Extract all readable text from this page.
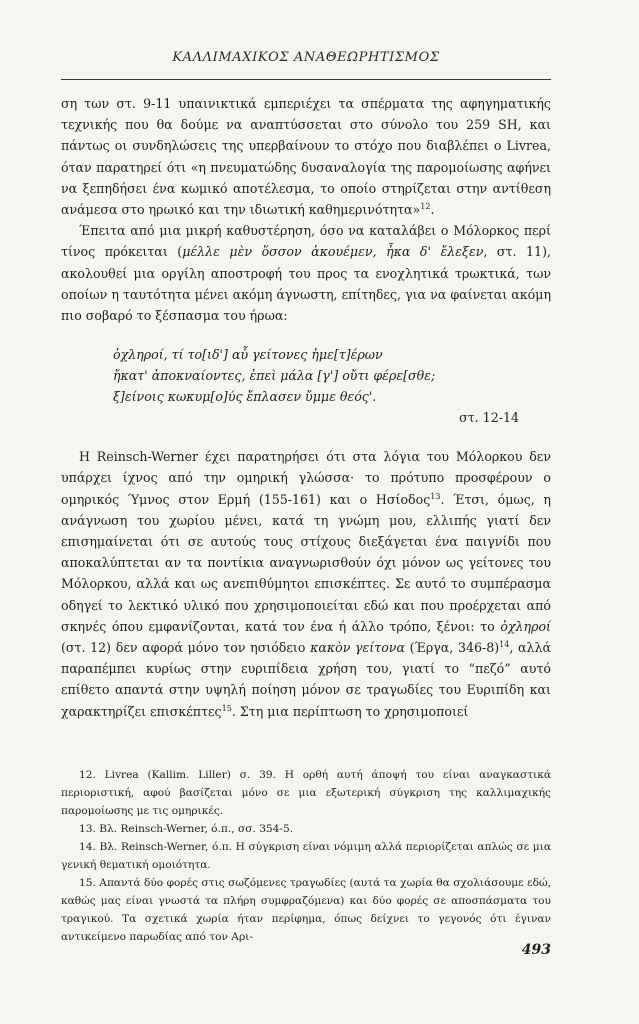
ΚΑΛΛΙΜΑΧΙΚΟΣ ΑΝΑΘΕΩΡΗΤΙΣΜΟΣ

ση των στ. 9-11 υπαινικτικά εμπεριέχει τα σπέρματα της αφηγηματικής τεχνικής που θα δούμε να αναπτύσσεται στο σύνολο του 259 SH, και πάντως οι συνδηλώσεις της υπερβαίνουν το στόχο που διαβλέπει ο Livrea, όταν παρατηρεί ότι «η πνευματώδης δυσαναλογία της παρομοίωσης αφήνει να ξεπηδήσει ένα κωμικό αποτέλεσμα, το οποίο στηρίζεται στην αντίθεση ανάμεσα στο ηρωικό και την ιδιωτική καθημερινότητα»$^{12}$.

Έπειτα από μια μικρή καθυστέρηση, όσο να καταλάβει ο Μόλορκος περί τίνος πρόκειται (μέλλε μὲν ὅσσον ἀκουέμεν, ἦκα δ' ἔλεξεν, στ. 11), ακολουθεί μια οργίλη αποστροφή του προς τα ενοχλητικά τρωκτικά, των οποίων η ταυτότητα μένει ακόμη άγνωστη, επίτηδες, για να φαίνεται ακόμη πιο σοβαρό το ξέσπασμα του ήρωα:

ὀχληροί, τί το[ιδ'] αὖ γείτονες ἡμε[τ]έρων
ἤκατ' ἀποκναίοντες, ἐπεὶ μάλα [γ'] οὔτι φέρε[σθε;
ξ]είνοις κωκυμ[ο]ύς ἔπλασεν ὔμμε θεός'.
στ. 12-14

Η Reinsch-Werner έχει παρατηρήσει ότι στα λόγια του Μόλορκου δεν υπάρχει ίχνος από την ομηρική γλώσσα· το πρότυπο προσφέρουν ο ομηρικός Ύμνος στον Ερμή (155-161) και ο Ησίοδος$^{13}$. Έτσι, όμως, η ανάγνωση του χωρίου μένει, κατά τη γνώμη μου, ελλιπής γιατί δεν επισημαίνεται ότι σε αυτούς τους στίχους διεξάγεται ένα παιγνίδι που αποκαλύπτεται αν τα ποντίκια αναγνωρισθούν όχι μόνον ως γείτονες του Μόλορκου, αλλά και ως ανεπιθύμητοι επισκέπτες. Σε αυτό το συμπέρασμα οδηγεί το λεκτικό υλικό που χρησιμοποιείται εδώ και που προέρχεται από σκηνές όπου εμφανίζονται, κατά τον ένα ή άλλο τρόπο, ξένοι: το ὀχληροί (στ. 12) δεν αφορά μόνο τον ησιόδειο κακὸν γείτονα (Έργα, 346-8)$^{14}$, αλλά παραπέμπει κυρίως στην ευριπίδεια χρήση του, γιατί το “πεζό” αυτό επίθετο απαντά στην υψηλή ποίηση μόνον σε τραγωδίες του Ευριπίδη και χαρακτηρίζει επισκέπτες$^{15}$. Στη μια περίπτωση το χρησιμοποιεί

12. Livrea (Kallim. Liller) σ. 39. Η ορθή αυτή άποψή του είναι αναγκαστικά περιοριστική, αφού βασίζεται μόνο σε μια εξωτερική σύγκριση της καλλιμαχικής παρομοίωσης με τις ομηρικές.

13. Βλ. Reinsch-Werner, ό.π., σσ. 354-5.

14. Βλ. Reinsch-Werner, ό.π. Η σύγκριση είναι νόμιμη αλλά περιορίζεται απλώς σε μια γενική θεματική ομοιότητα.

15. Απαντά δύο φορές στις σωζόμενες τραγωδίες (αυτά τα χωρία θα σχολιάσουμε εδώ, καθώς μας είναι γνωστά τα πλήρη συμφραζόμενα) και δύο φορές σε αποσπάσματα του τραγικού. Τα σχετικά χωρία ήταν περίφημα, όπως δείχνει το γεγονός ότι έγιναν αντικείμενο παρωδίας από τον Αρι-

493
